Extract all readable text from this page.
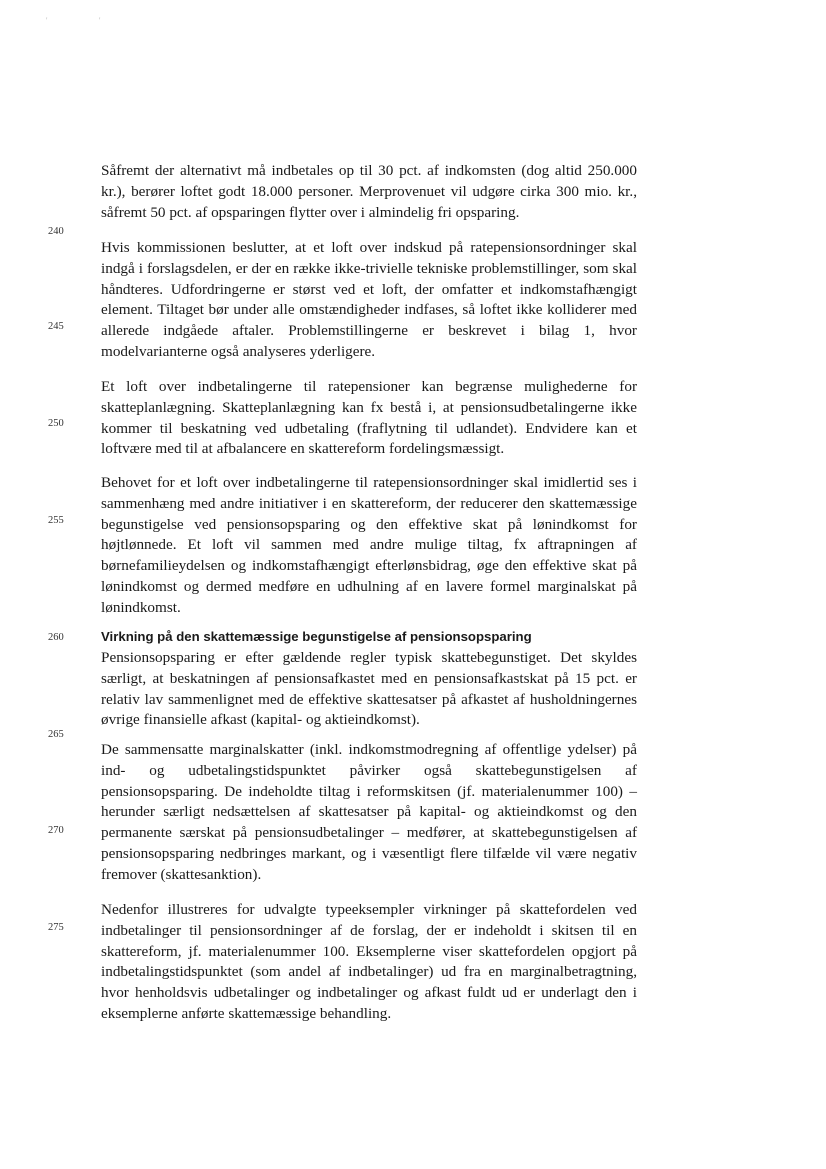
'	'

Såfremt der alternativt må indbetales op til 30 pct. af indkomsten (dog altid 250.000 kr.), berører loftet godt 18.000 personer. Merprovenuet vil udgøre cirka 300 mio. kr., såfremt 50 pct. af opsparingen flytter over i almindelig fri opsparing.

240

Hvis kommissionen beslutter, at et loft over indskud på ratepensionsordninger skal indgå i forslagsdelen, er der en række ikke-trivielle tekniske problemstillinger, som skal håndteres. Udfordringerne er størst ved et loft, der omfatter et indkomstafhængigt element. Tiltaget bør under alle omstændigheder indfases, så loftet ikke kolliderer med allerede indgåede aftaler. Problemstillingerne er beskrevet i bilag 1, hvor modelvarianterne også analyseres yderligere.

245

Et loft over indbetalingerne til ratepensioner kan begrænse mulighederne for skatteplanlægning. Skatteplanlægning kan fx bestå i, at pensionsudbetalingerne ikke kommer til beskatning ved udbetaling (fraflytning til udlandet). Endvidere kan et loftvære med til at afbalancere en skattereform fordelingsmæssigt.

250

Behovet for et loft over indbetalingerne til ratepensionsordninger skal imidlertid ses i sammenhæng med andre initiativer i en skattereform, der reducerer den skattemæssige begunstigelse ved pensionsopsparing og den effektive skat på lønindkomst for højtlønnede. Et loft vil sammen med andre mulige tiltag, fx aftrapningen af børnefamilieydelsen og indkomstafhængigt efterlønsbidrag, øge den effektive skat på lønindkomst og dermed medføre en udhulning af en lavere formel marginalskat på lønindkomst.

255
260	Virkning på den skattemæssige begunstigelse af pensionsopsparing

Pensionsopsparing er efter gældende regler typisk skattebegunstiget. Det skyldes særligt, at beskatningen af pensionsafkastet med en pensionsafkastskat på 15 pct. er relativ lav sammenlignet med de effektive skattesatser på afkastet af husholdningernes øvrige finansielle afkast (kapital- og aktieindkomst).

265

De sammensatte marginalskatter (inkl. indkomstmodregning af offentlige ydelser) på ind- og udbetalingstidspunktet påvirker også skattebegunstigelsen af pensionsopsparing. De indeholdte tiltag i reformskitsen (jf. materialenummer 100) – herunder særligt nedsættelsen af skattesatser på kapital- og aktieindkomst og den permanente særskat på pensionsudbetalinger – medfører, at skattebegunstigelsen af pensionsopsparing nedbringes markant, og i væsentligt flere tilfælde vil være negativ fremover (skattesanktion).

270

Nedenfor illustreres for udvalgte typeeksempler virkninger på skattefordelen ved indbetalinger til pensionsordninger af de forslag, der er indeholdt i skitsen til en skattereform, jf. materialenummer 100. Eksemplerne viser skattefordelen opgjort på indbetalingstidspunktet (som andel af indbetalinger) ud fra en marginalbetragtning, hvor henholdsvis udbetalinger og indbetalinger og afkast fuldt ud er underlagt den i eksemplerne anførte skattemæssige behandling.

275
